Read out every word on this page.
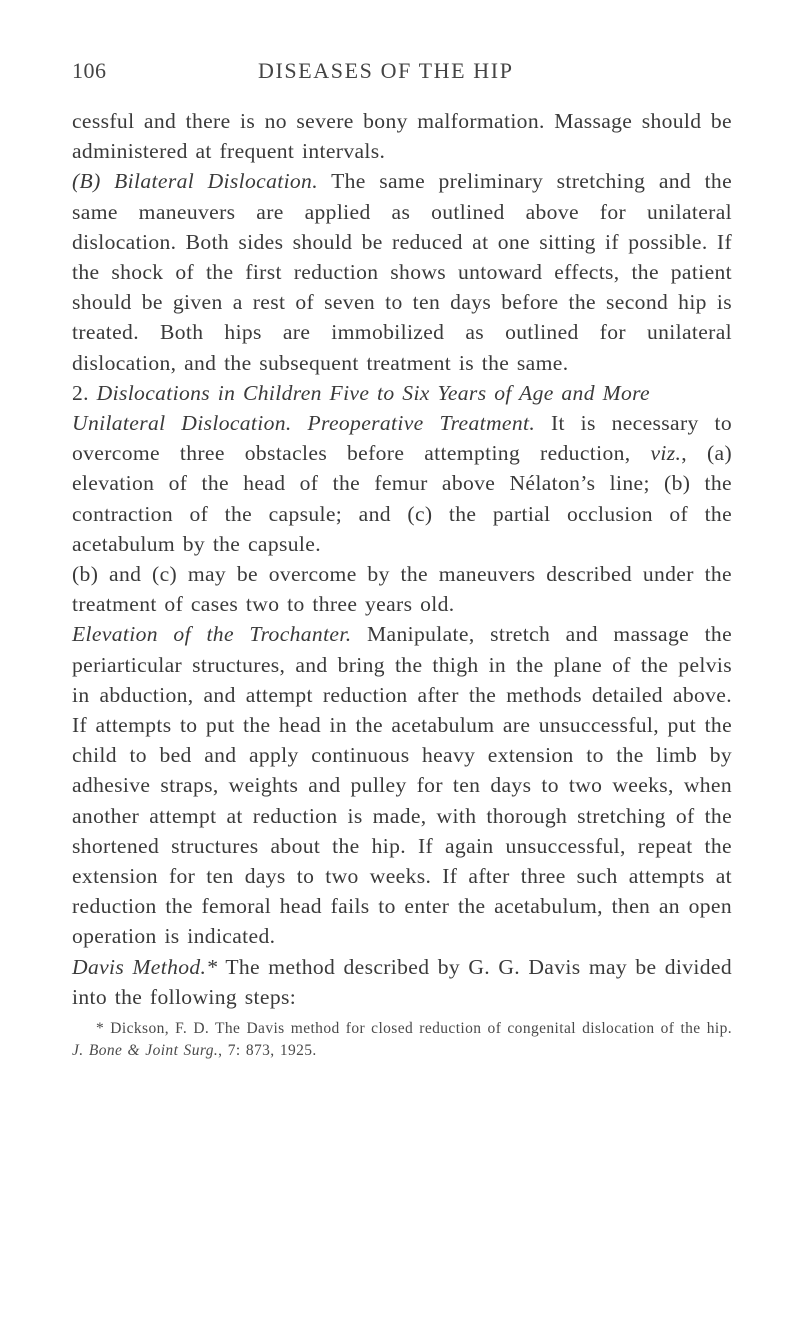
106	DISEASES OF THE HIP

cessful and there is no severe bony malformation. Massage should be administered at frequent intervals.

(B) Bilateral Dislocation. The same preliminary stretching and the same maneuvers are applied as outlined above for unilateral dislocation. Both sides should be reduced at one sitting if possible. If the shock of the first reduction shows untoward effects, the patient should be given a rest of seven to ten days before the second hip is treated. Both hips are immobilized as outlined for unilateral dislocation, and the subsequent treatment is the same.

2. Dislocations in Children Five to Six Years of Age and More

Unilateral Dislocation. Preoperative Treatment. It is necessary to overcome three obstacles before attempting reduction, viz., (a) elevation of the head of the femur above Nélaton’s line; (b) the contraction of the capsule; and (c) the partial occlusion of the acetabulum by the capsule.

(b) and (c) may be overcome by the maneuvers described under the treatment of cases two to three years old.

Elevation of the Trochanter. Manipulate, stretch and massage the periarticular structures, and bring the thigh in the plane of the pelvis in abduction, and attempt reduction after the methods detailed above. If attempts to put the head in the acetabulum are unsuccessful, put the child to bed and apply continuous heavy extension to the limb by adhesive straps, weights and pulley for ten days to two weeks, when another attempt at reduction is made, with thorough stretching of the shortened structures about the hip. If again unsuccessful, repeat the extension for ten days to two weeks. If after three such attempts at reduction the femoral head fails to enter the acetabulum, then an open operation is indicated.

Davis Method.* The method described by G. G. Davis may be divided into the following steps:

* Dickson, F. D. The Davis method for closed reduction of congenital dislocation of the hip. J. Bone & Joint Surg., 7: 873, 1925.
